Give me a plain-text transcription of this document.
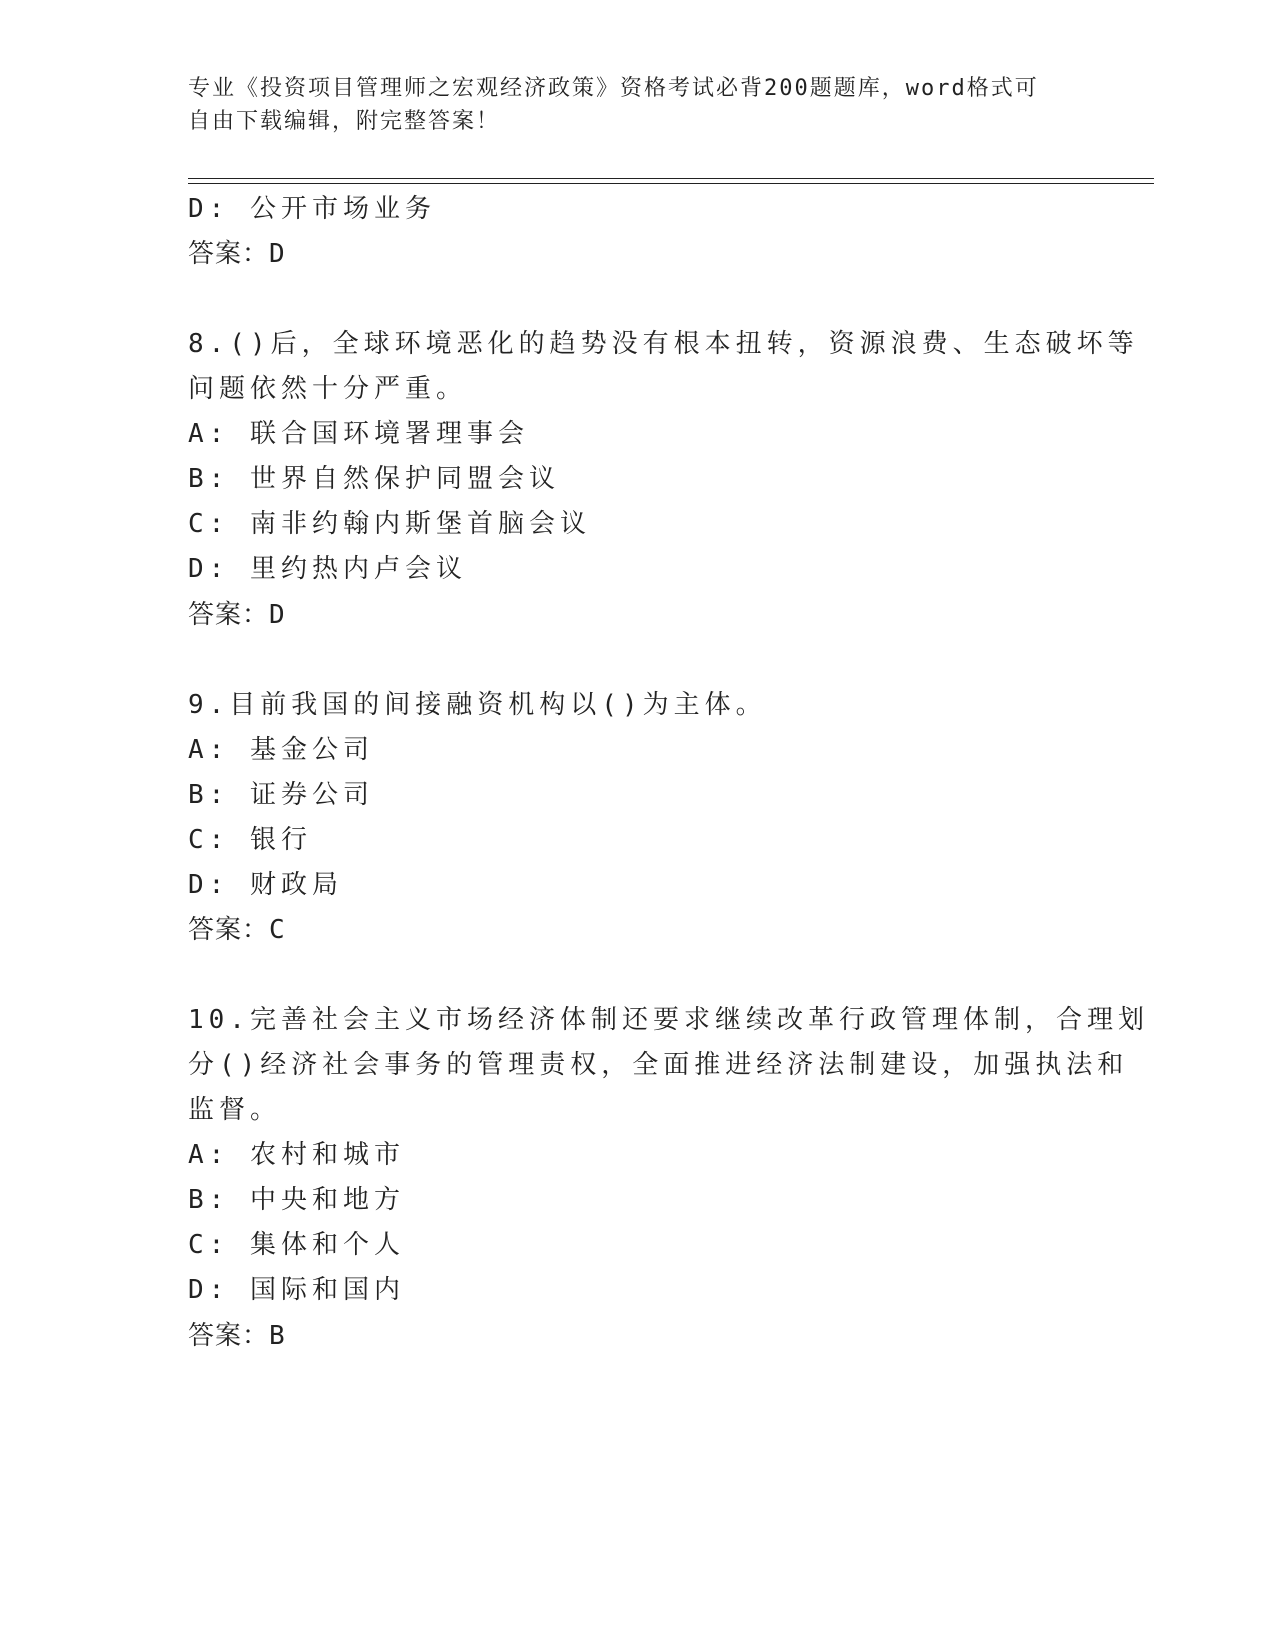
专业《投资项目管理师之宏观经济政策》资格考试必背200题题库，word格式可
自由下载编辑，附完整答案！
D: 公开市场业务
答案：D
8.()后，全球环境恶化的趋势没有根本扭转，资源浪费、生态破坏等
问题依然十分严重。
A: 联合国环境署理事会
B: 世界自然保护同盟会议
C: 南非约翰内斯堡首脑会议
D: 里约热内卢会议
答案：D
9.目前我国的间接融资机构以()为主体。
A: 基金公司
B: 证券公司
C: 银行
D: 财政局
答案：C
10.完善社会主义市场经济体制还要求继续改革行政管理体制，合理划
分()经济社会事务的管理责权，全面推进经济法制建设，加强执法和
监督。
A: 农村和城市
B: 中央和地方
C: 集体和个人
D: 国际和国内
答案：B
